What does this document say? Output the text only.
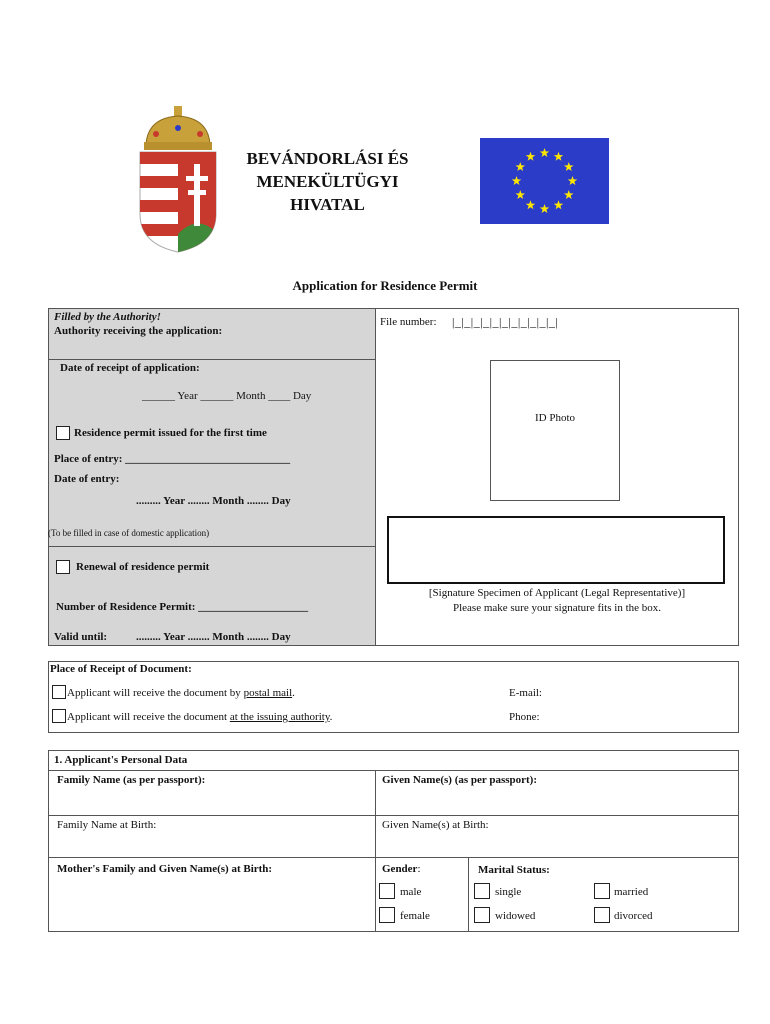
BEVÁNDORLÁSI ÉS
MENEKÜLTÜGYI
HIVATAL
Application for Residence Permit
Filled by the Authority!
Authority receiving the application:
File number: |_|_|_|_|_|_|_|_|_|_|_|
Date of receipt of application:
______ Year ______ Month ____ Day
ID Photo
Residence permit issued for the first time
Place of entry: ______________________________
Date of entry:
......... Year ........ Month ........ Day
(To be filled in case of domestic application)
[Signature Specimen of Applicant (Legal Representative)]
Please make sure your signature fits in the box.
Renewal of residence permit
Number of Residence Permit: ____________________
Valid until:	......... Year ........ Month ........ Day
Place of Receipt of Document:
Applicant will receive the document by postal mail.	E-mail:
Applicant will receive the document at the issuing authority.	Phone:
1. Applicant's Personal Data
Family Name (as per passport):	Given Name(s) (as per passport):
Family Name at Birth:	Given Name(s) at Birth:
Mother's Family and Given Name(s) at Birth:	Gender:
male
female
Marital Status:
single
widowed
married
divorced
